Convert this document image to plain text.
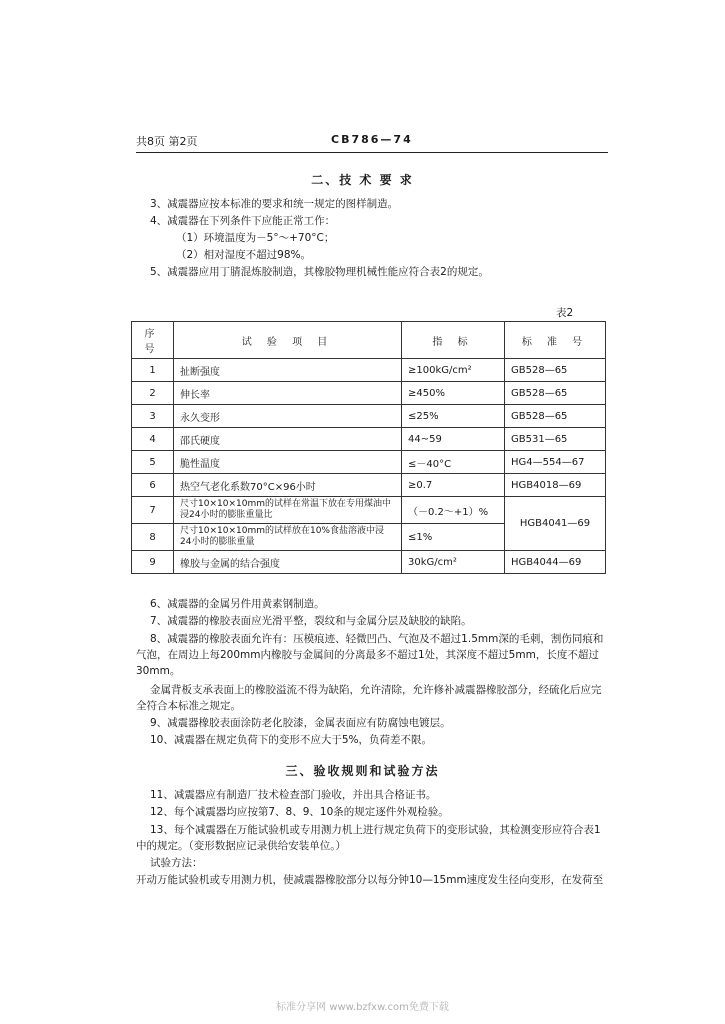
共8页 第2页	CB786—74
二、技 术 要 求
3、减震器应按本标准的要求和统一规定的图样制造。
4、减震器在下列条件下应能正常工作：
（1）环境温度为－5°～+70°C；
（2）相对湿度不超过98%。
5、减震器应用丁腈混炼胶制造，其橡胶物理机械性能应符合表2的规定。
表2
序 号	试 验 项 目	指 标	标 准 号
1	扯断强度	≥100kG/cm²	GB528—65
2	伸长率	≥450%	GB528—65
3	永久变形	≤25%	GB528—65
4	邵氏硬度	44~59	GB531—65
5	脆性温度	≤－40°C	HG4—554—67
6	热空气老化系数70°C×96小时	≥0.7	HGB4018—69
7	尺寸10×10×10mm的试样在常温下放在专用煤油中浸24小时的膨胀重量比	（－0.2～+1）%	HGB4041—69
8	尺寸10×10×10mm的试样放在10%食盐溶液中浸24小时的膨胀重量	≤1%	
9	橡胶与金属的结合强度	30kG/cm²	HGB4044—69
6、减震器的金属另件用黄素钢制造。
7、减震器的橡胶表面应光滑平整，裂纹和与金属分层及缺胶的缺陷。
8、减震器的橡胶表面允许有：压模痕迹、轻微凹凸、气泡及不超过1.5mm深的毛刺，割伤同痕和气泡，在周边上每200mm内橡胶与金属间的分离最多不超过1处，其深度不超过5mm，长度不超过30mm。
金属背板支承表面上的橡胶溢流不得为缺陷，允许清除，允许修补减震器橡胶部分，经硫化后应完全符合本标准之规定。
9、减震器橡胶表面涂防老化胶漆，金属表面应有防腐蚀电镀层。
10、减震器在规定负荷下的变形不应大于5%，负荷差不限。
三、验收规则和试验方法
11、减震器应有制造厂技术检查部门验收，并出具合格证书。
12、每个减震器均应按第7、8、9、10条的规定逐件外观检验。
13、每个减震器在万能试验机或专用测力机上进行规定负荷下的变形试验，其检测变形应符合表1中的规定。（变形数据应记录供给安装单位。）
试验方法：
开动万能试验机或专用测力机，使减震器橡胶部分以每分钟10—15mm速度发生径向变形，在发荷至
标准分享网 www.bzfxw.com免费下载
